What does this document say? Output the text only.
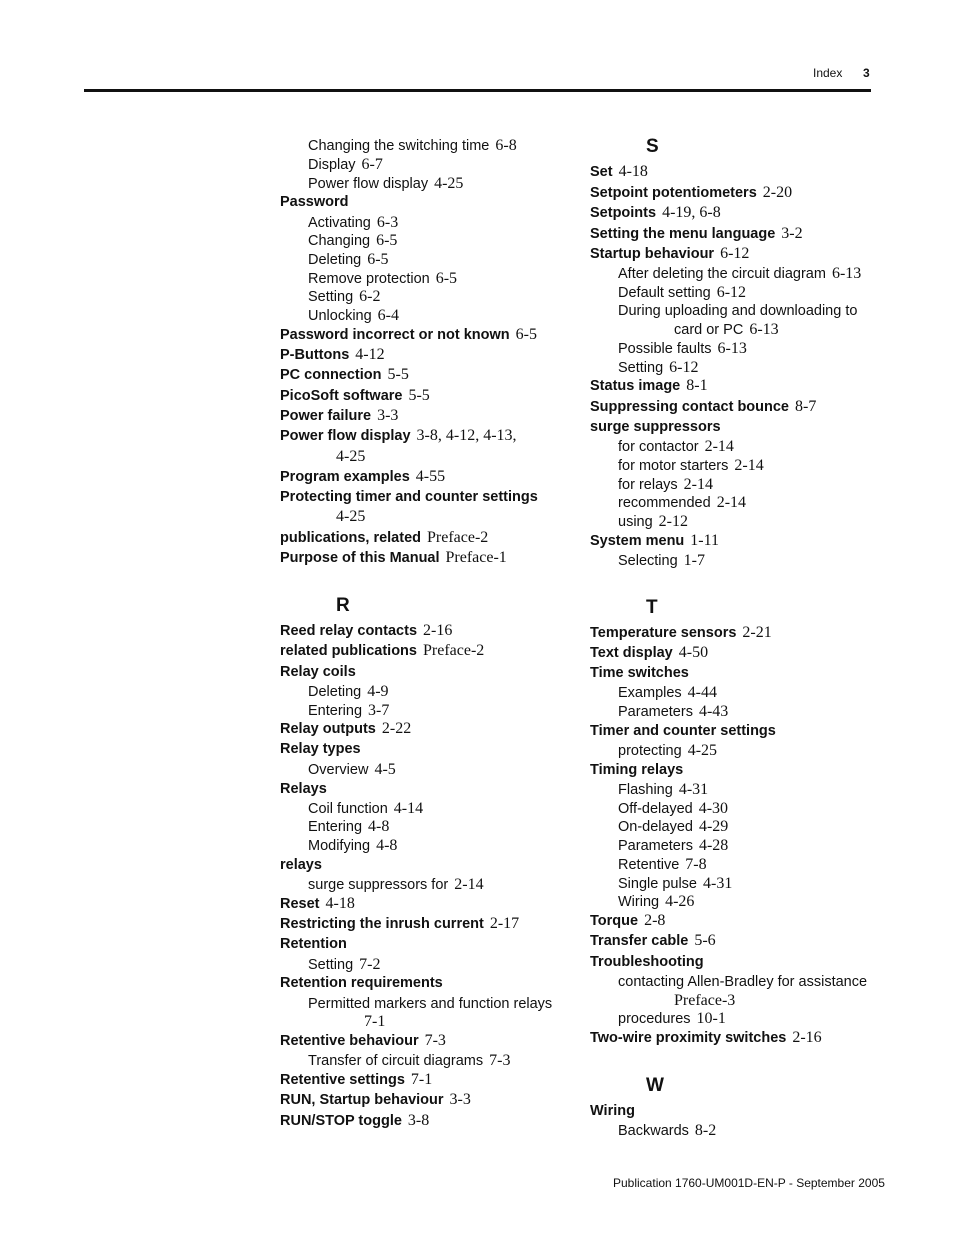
Index 3
Changing the switching time 6-8
Display 6-7
Power flow display 4-25
Password
Activating 6-3
Changing 6-5
Deleting 6-5
Remove protection 6-5
Setting 6-2
Unlocking 6-4
Password incorrect or not known 6-5
P-Buttons 4-12
PC connection 5-5
PicoSoft software 5-5
Power failure 3-3
Power flow display 3-8, 4-12, 4-13,
4-25
Program examples 4-55
Protecting timer and counter settings
4-25
publications, related Preface-2
Purpose of this Manual Preface-1
R
Reed relay contacts 2-16
related publications Preface-2
Relay coils
Deleting 4-9
Entering 3-7
Relay outputs 2-22
Relay types
Overview 4-5
Relays
Coil function 4-14
Entering 4-8
Modifying 4-8
relays
surge suppressors for 2-14
Reset 4-18
Restricting the inrush current 2-17
Retention
Setting 7-2
Retention requirements
Permitted markers and function relays
7-1
Retentive behaviour 7-3
Transfer of circuit diagrams 7-3
Retentive settings 7-1
RUN, Startup behaviour 3-3
RUN/STOP toggle 3-8
S
Set 4-18
Setpoint potentiometers 2-20
Setpoints 4-19, 6-8
Setting the menu language 3-2
Startup behaviour 6-12
After deleting the circuit diagram 6-13
Default setting 6-12
During uploading and downloading to
card or PC 6-13
Possible faults 6-13
Setting 6-12
Status image 8-1
Suppressing contact bounce 8-7
surge suppressors
for contactor 2-14
for motor starters 2-14
for relays 2-14
recommended 2-14
using 2-12
System menu 1-11
Selecting 1-7
T
Temperature sensors 2-21
Text display 4-50
Time switches
Examples 4-44
Parameters 4-43
Timer and counter settings
protecting 4-25
Timing relays
Flashing 4-31
Off-delayed 4-30
On-delayed 4-29
Parameters 4-28
Retentive 7-8
Single pulse 4-31
Wiring 4-26
Torque 2-8
Transfer cable 5-6
Troubleshooting
contacting Allen-Bradley for assistance
Preface-3
procedures 10-1
Two-wire proximity switches 2-16
W
Wiring
Backwards 8-2
Publication 1760-UM001D-EN-P - September 2005
